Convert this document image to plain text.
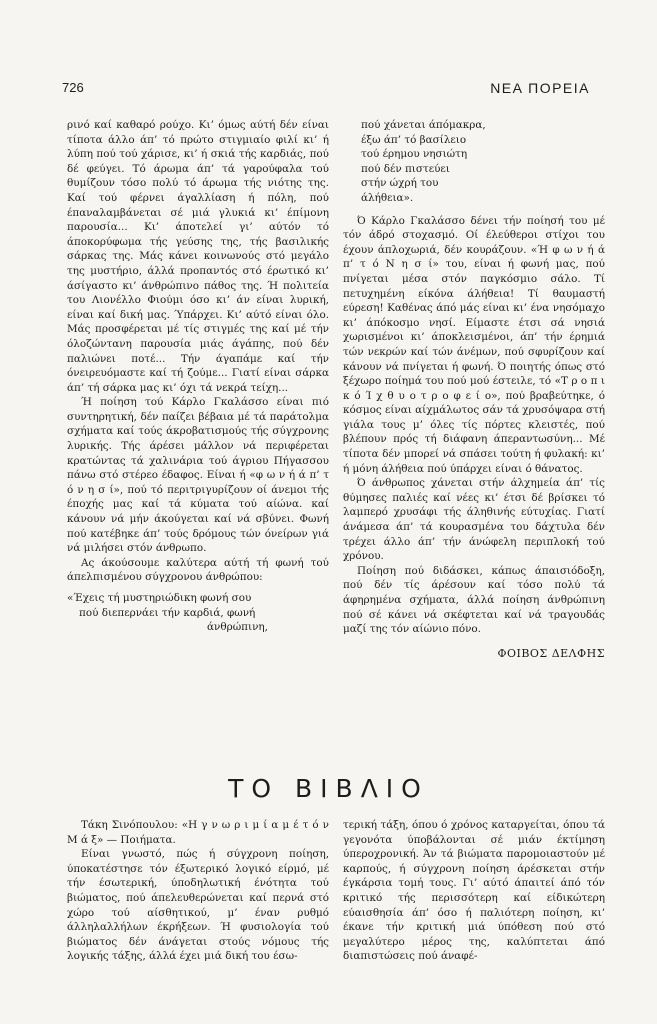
726	ΝΕΑ ΠΟΡΕΙΑ

ρινό καί καθαρό ρούχο. Κι’ όμως αύτή δέν είναι τίποτα άλλο άπ’ τό πρώτο στιγμιαίο φιλί κι’ ή λύπη πού τού χάρισε, κι’ ή σκιά τής καρδιάς, πού δέ φεύγει. Τό άρωμα άπ’ τά γαρούφαλα τού θυμίζουν τόσο πολύ τό άρωμα τής νιότης της. Καί τού φέρνει άγαλλίαση ή πόλη, πού έπαναλαμβάνεται σέ μιά γλυκιά κι’ έπίμονη παρουσία... Κι’ άποτελεί γι’ αύτόν τό άποκορύφωμα τής γεύσης της, τής βασιλικής σάρκας της. Μάς κάνει κοινωνούς στό μεγάλο της μυστήριο, άλλά προπαντός στό έρωτικό κι’ άσίγαστο κι’ άνθρώπινο πάθος της. Ή πολιτεία του Λιονέλλο Φιούμι όσο κι’ άν είναι λυρική, είναι καί δική μας. Ύπάρχει. Κι’ αύτό είναι όλο. Μάς προσφέρεται μέ τίς στιγμές της καί μέ τήν όλοζώντανη παρουσία μιάς άγάπης, πού δέν παλιώνει ποτέ... Τήν άγαπάμε καί τήν όνειρευόμαστε καί τή ζούμε... Γιατί είναι σάρκα άπ’ τή σάρκα μας κι’ όχι τά νεκρά τείχη...

Ή ποίηση τού Κάρλο Γκαλάσσο είναι πιό συντηρητική, δέν παίζει βέβαια μέ τά παράτολμα σχήματα καί τούς άκροβατισμούς τής σύγχρονης λυρικής. Τής άρέσει μάλλον νά περιφέρεται κρατώντας τά χαλινάρια τού άγριου Πήγασσου πάνω στό στέρεο έδαφος. Είναι ή «φ ω ν ή ά π’ τ ό ν η σ ί», πού τό περιτριγυρίζουν οί άνεμοι τής έποχής μας καί τά κύματα τού αίώνα. καί κάνουν νά μήν άκούγεται καί νά σβύνει. Φωνή πού κατέβηκε άπ’ τούς δρόμους τών όνείρων γιά νά μιλήσει στόν άνθρωπο.

Ας άκούσουμε καλύτερα αύτή τή φωνή τού άπελπισμένου σύγχρονου άνθρώπου:

«Έχεις τή μυστηριώδικη φωνή σου
πού διεπερνάει τήν καρδιά, φωνή
άνθρώπινη,
πού χάνεται άπόμακρα,
έξω άπ’ τό βασίλειο
τού έρημου νησιώτη
πού δέν πιστεύει
στήν ώχρή του
άλήθεια».

Ό Κάρλο Γκαλάσσο δένει τήν ποίησή του μέ τόν άδρό στοχασμό. Οί έλεύθεροι στίχοι του έχουν άπλοχωριά, δέν κουράζουν. «Ή φ ω ν ή ά π’ τ ό Ν η σ ί» του, είναι ή φωνή μας, πού πνίγεται μέσα στόν παγκόσμιο σάλο. Τί πετυχημένη είκόνα άλήθεια! Τί θαυμαστή εύρεση! Καθένας άπό μάς είναι κι’ ένα νησόμαχο κι’ άπόκοσμο νησί. Είμαστε έτσι σά νησιά χωρισμένοι κι’ άποκλεισμένοι, άπ’ τήν έρημιά τών νεκρών καί τών άνέμων, πού σφυρίζουν καί κάνουν νά πνίγεται ή φωνή. Ό ποιητής όπως στό ξέχωρο ποίημά του πού μού έστειλε, τό «Τ ρ ο π ι κ ό Ί χ θ υ ο τ ρ ο φ ε ί ο», πού βραβεύτηκε, ό κόσμος είναι αίχμάλωτος σάν τά χρυσόψαρα στή γιάλα τους μ’ όλες τίς πόρτες κλειστές, πού βλέπουν πρός τή διάφανη άπεραντωσύνη... Μέ τίποτα δέν μπορεί νά σπάσει τούτη ή φυλακή: κι’ ή μόνη άλήθεια πού ύπάρχει είναι ό θάνατος.

Ό άνθρωπος χάνεται στήν άλχημεία άπ’ τίς θύμησες παλιές καί νέες κι’ έτσι δέ βρίσκει τό λαμπερό χρυσάφι τής άληθινής εύτυχίας. Γιατί άνάμεσα άπ’ τά κουρασμένα του δάχτυλα δέν τρέχει άλλο άπ’ τήν άνώφελη περιπλοκή τού χρόνου.

Ποίηση πού διδάσκει, κάπως άπαισιόδοξη, πού δέν τίς άρέσουν καί τόσο πολύ τά άφηρημένα σχήματα, άλλά ποίηση άνθρώπινη πού σέ κάνει νά σκέφτεται καί νά τραγουδάς μαζί της τόν αίώνιο πόνο.

ΦΟΙΒΟΣ ΔΕΛΦΗΣ
ΤΟ ΒΙΒΛΙΟ

Τάκη Σινόπουλου: «Η γ ν ω ρ ι μ ί α μ έ τ ό ν Μ ά ξ» — Ποιήματα.

Είναι γνωστό, πώς ή σύγχρονη ποίηση, ύποκατέστησε τόν έξωτερικό λογικό είρμό, μέ τήν έσωτερική, ύποδηλωτική ένότητα τού βιώματος, πού άπελευθερώνεται καί περνά στό χώρο τού αίσθητικού, μ’ έναν ρυθμό άλληλαλλήλων έκρήξεων. Ή φυσιολογία τού βιώματος δέν άνάγεται στούς νόμους τής λογικής τάξης, άλλά έχει μιά δική του έσω-

τερική τάξη, όπου ό χρόνος καταργείται, όπου τά γεγονότα ύποβάλονται σέ μιάν έκτίμηση ύπεροχρονική. Άν τά βιώματα παρομοιαστούν μέ καρπούς, ή σύγχρονη ποίηση άρέσκεται στήν έγκάρσια τομή τους. Γι’ αύτό άπαιτεί άπό τόν κριτικό τής περισσότερη καί είδικώτερη εύαισθησία άπ’ όσο ή παλιότερη ποίηση, κι’ έκανε τήν κριτική μιά ύπόθεση πού στό μεγαλύτερο μέρος της, καλύπτεται άπό διαπιστώσεις πού άναφέ-
